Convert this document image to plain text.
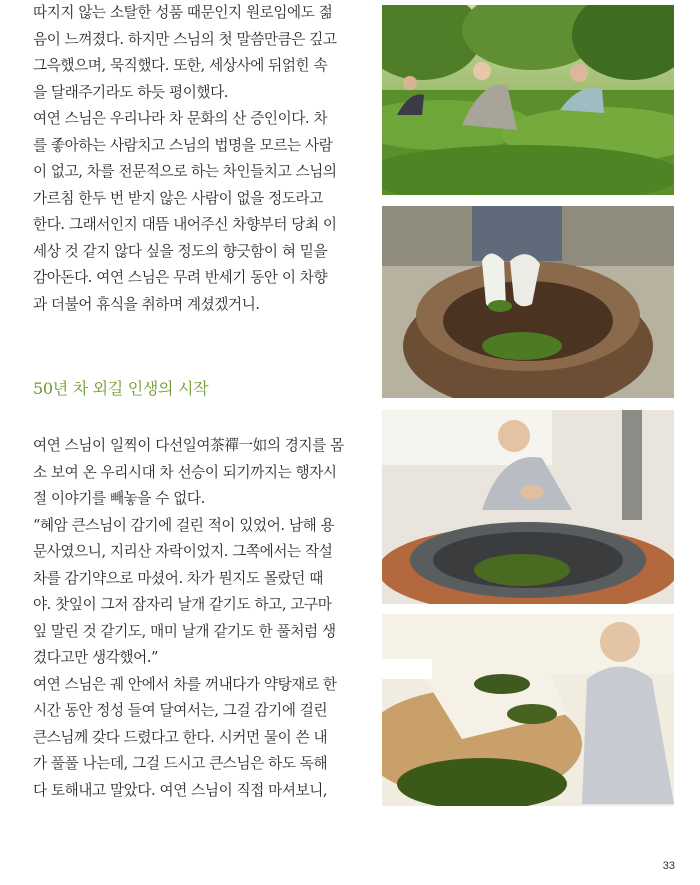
따지지 않는 소탈한 성품 때문인지 원로임에도 젊
음이 느껴졌다. 하지만 스님의 첫 말씀만큼은 깊고
그윽했으며, 묵직했다. 또한, 세상사에 뒤얽힌 속
을 달래주기라도 하듯 평이했다.
여연 스님은 우리나라 차 문화의 산 증인이다. 차
를 좋아하는 사람치고 스님의 법명을 모르는 사람
이 없고, 차를 전문적으로 하는 차인들치고 스님의
가르침 한두 번 받지 않은 사람이 없을 정도라고
한다. 그래서인지 대뜸 내어주신 차향부터 당최 이
세상 것 같지 않다 싶을 정도의 향긋함이 혀 밑을
감아돈다. 여연 스님은 무려 반세기 동안 이 차향
과 더불어 휴식을 취하며 계셨겠거니.
50년 차 외길 인생의 시작
여연 스님이 일찍이 다선일여茶禪一如의 경지를 몸
소 보여 온 우리시대 차 선승이 되기까지는 행자시
절 이야기를 빼놓을 수 없다.
“혜암 큰스님이 감기에 걸린 적이 있었어. 남해 용
문사였으니, 지리산 자락이었지. 그쪽에서는 작설
차를 감기약으로 마셨어. 차가 뭔지도 몰랐던 때
야. 찻잎이 그저 잠자리 날개 같기도 하고, 고구마
잎 말린 것 같기도, 매미 날개 같기도 한 풀처럼 생
겼다고만 생각했어.”
여연 스님은 궤 안에서 차를 꺼내다가 약탕재로 한
시간 동안 정성 들여 달여서는, 그걸 감기에 걸린
큰스님께 갖다 드렸다고 한다. 시커먼 물이 쓴 내
가 풀풀 나는데, 그걸 드시고 큰스님은 하도 독해
다 토해내고 말았다. 여연 스님이 직접 마셔보니,
33
